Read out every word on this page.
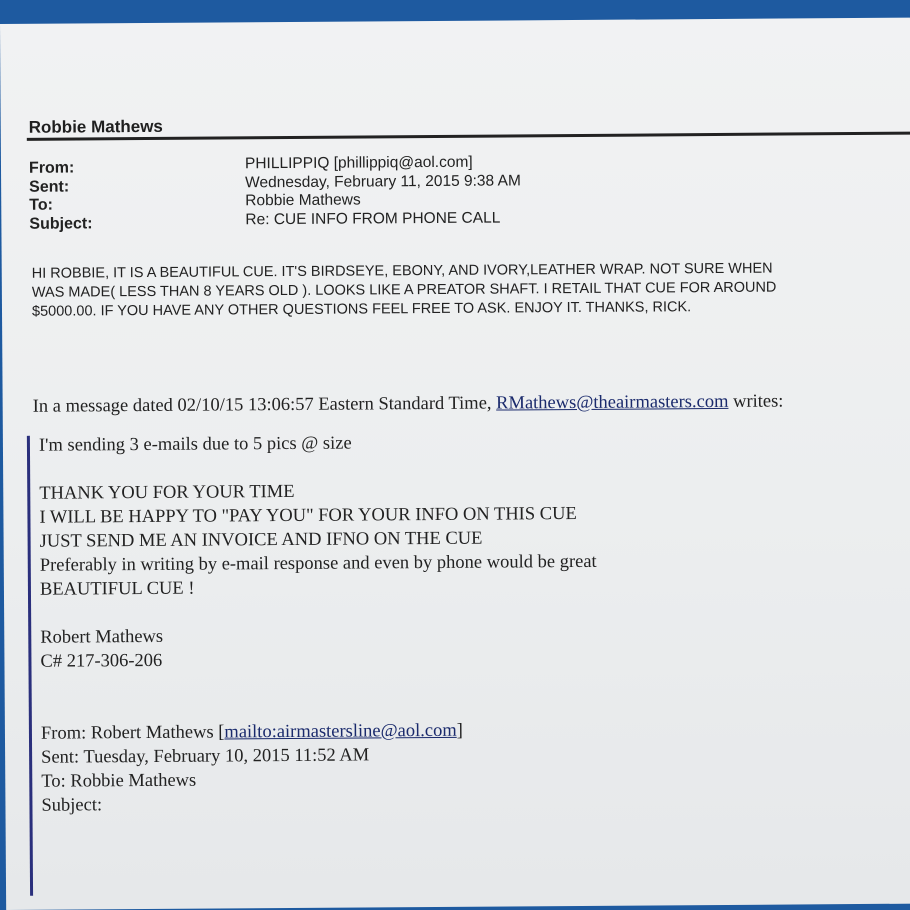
Robbie Mathews
From:
Sent:
To:
Subject:
PHILLIPPIQ [phillippiq@aol.com]
Wednesday, February 11, 2015 9:38 AM
Robbie Mathews
Re: CUE INFO FROM PHONE CALL
HI ROBBIE, IT IS A BEAUTIFUL CUE. IT'S BIRDSEYE, EBONY, AND IVORY,LEATHER WRAP. NOT SURE WHEN
WAS MADE( LESS THAN 8 YEARS OLD ). LOOKS LIKE A PREATOR SHAFT. I RETAIL THAT CUE FOR AROUND
$5000.00. IF YOU HAVE ANY OTHER QUESTIONS FEEL FREE TO ASK. ENJOY IT. THANKS, RICK.
In a message dated 02/10/15 13:06:57 Eastern Standard Time, RMathews@theairmasters.com writes:
I'm sending 3 e-mails due to 5 pics @ size
THANK YOU FOR YOUR TIME
I WILL BE HAPPY TO "PAY YOU" FOR YOUR INFO ON THIS CUE
JUST SEND ME AN INVOICE AND IFNO ON THE CUE
Preferably in writing by e-mail response and even by phone would be great
BEAUTIFUL CUE !
Robert Mathews
C# 217-306-206
From: Robert Mathews [mailto:airmastersline@aol.com]
Sent: Tuesday, February 10, 2015 11:52 AM
To: Robbie Mathews
Subject:
